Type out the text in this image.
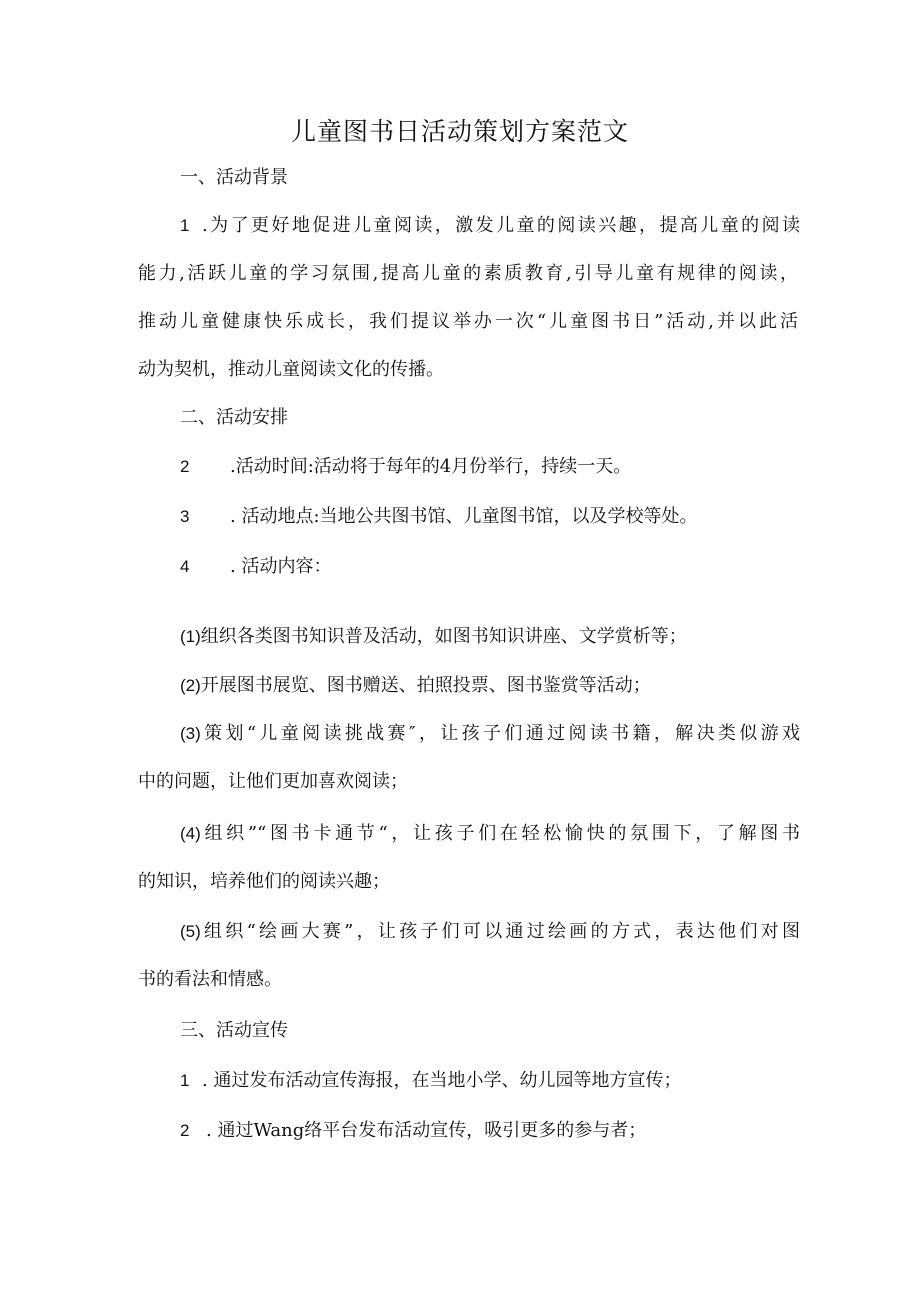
儿童图书日活动策划方案范文
一、活动背景
1 .为了更好地促进儿童阅读，激发儿童的阅读兴趣，提高儿童的阅读
能力,活跃儿童的学习氛围,提高儿童的素质教育,引导儿童有规律的阅读，
推动儿童健康快乐成长，我们提议举办一次“儿童图书日”活动,并以此活
动为契机，推动儿童阅读文化的传播。
二、活动安排
2 .活动时间:活动将于每年的4月份举行，持续一天。
3 . 活动地点:当地公共图书馆、儿童图书馆，以及学校等处。
4 . 活动内容：
(1)组织各类图书知识普及活动，如图书知识讲座、文学赏析等；
(2)开展图书展览、图书赠送、拍照投票、图书鉴赏等活动；
(3)策划“儿童阅读挑战赛″，让孩子们通过阅读书籍，解决类似游戏
中的问题，让他们更加喜欢阅读；
(4)组织”“图书卡通节“，让孩子们在轻松愉快的氛围下，了解图书
的知识，培养他们的阅读兴趣；
(5)组织“绘画大赛”，让孩子们可以通过绘画的方式，表达他们对图
书的看法和情感。
三、活动宣传
1 . 通过发布活动宣传海报，在当地小学、幼儿园等地方宣传；
2 . 通过Wang络平台发布活动宣传，吸引更多的参与者；
